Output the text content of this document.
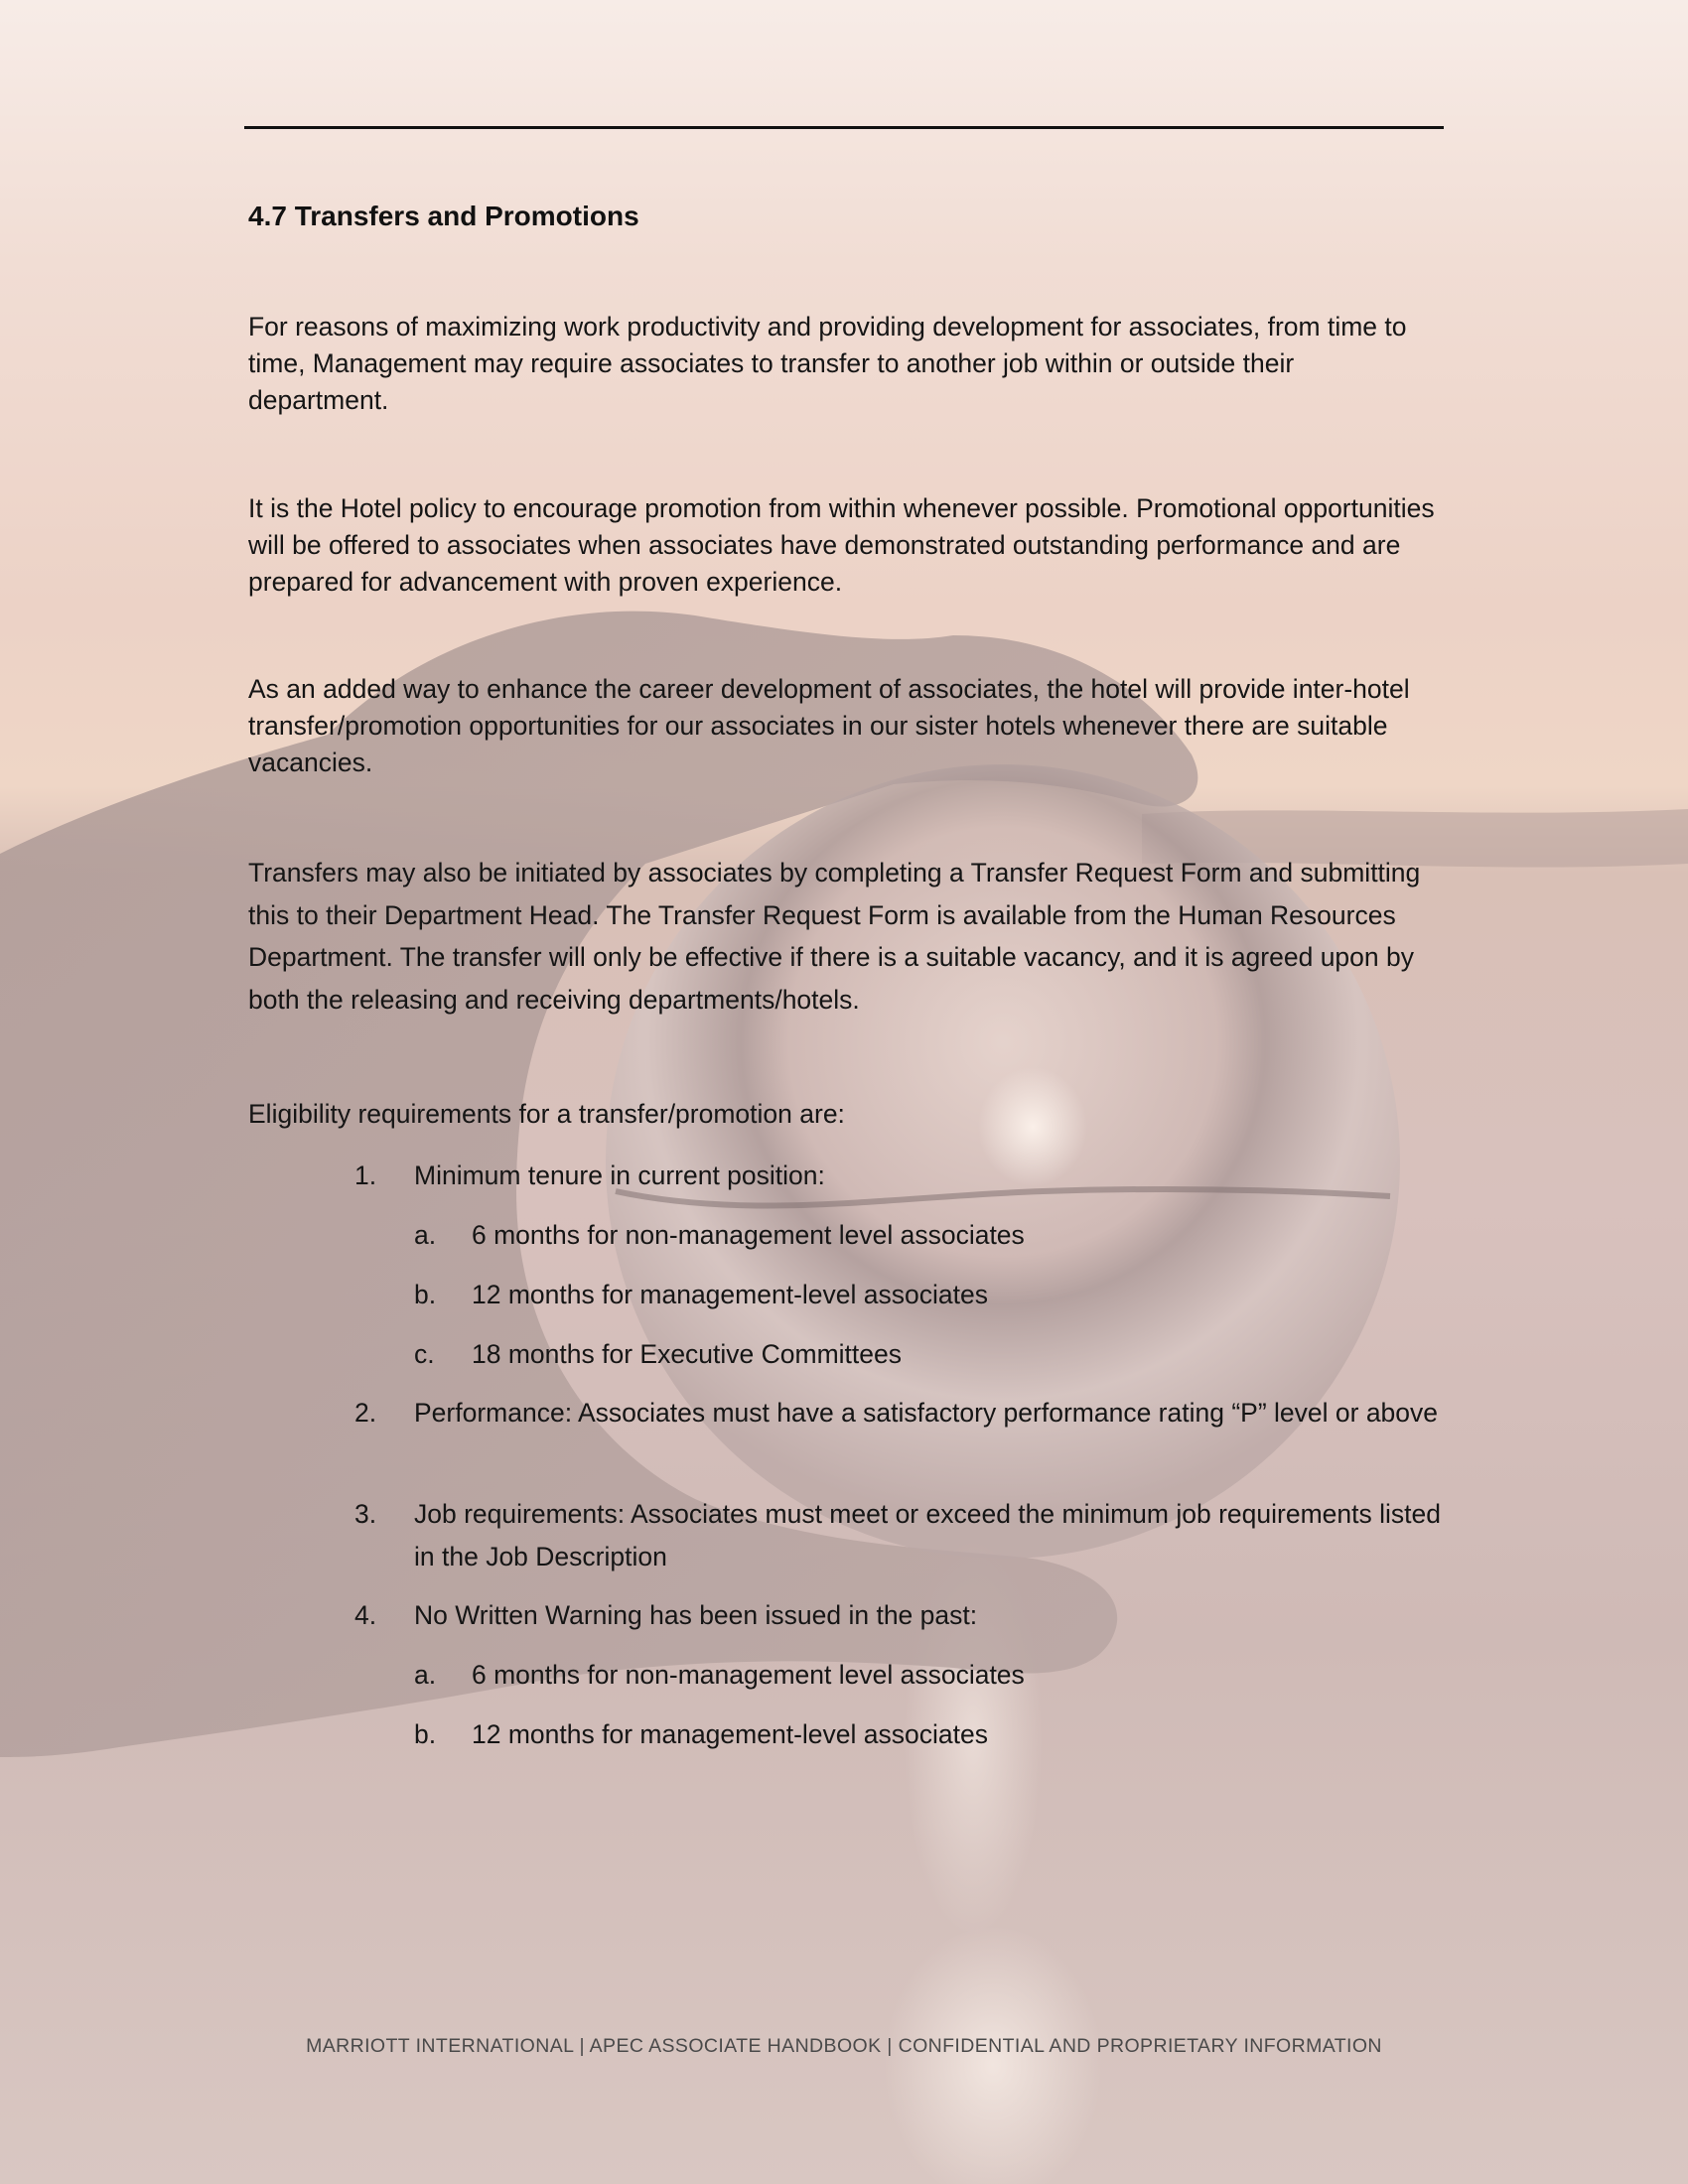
4.7 Transfers and Promotions
For reasons of maximizing work productivity and providing development for associates, from time to time, Management may require associates to transfer to another job within or outside their department.
It is the Hotel policy to encourage promotion from within whenever possible. Promotional opportunities will be offered to associates when associates have demonstrated outstanding performance and are prepared for advancement with proven experience.
As an added way to enhance the career development of associates, the hotel will provide inter-hotel transfer/promotion opportunities for our associates in our sister hotels whenever there are suitable vacancies.
Transfers may also be initiated by associates by completing a Transfer Request Form and submitting this to their Department Head. The Transfer Request Form is available from the Human Resources Department. The transfer will only be effective if there is a suitable vacancy, and it is agreed upon by both the releasing and receiving departments/hotels.
Eligibility requirements for a transfer/promotion are:
1. Minimum tenure in current position:
a. 6 months for non-management level associates
b. 12 months for management-level associates
c. 18 months for Executive Committees
2. Performance: Associates must have a satisfactory performance rating “P” level or above
3. Job requirements: Associates must meet or exceed the minimum job requirements listed in the Job Description
4. No Written Warning has been issued in the past:
a. 6 months for non-management level associates
b. 12 months for management-level associates
MARRIOTT INTERNATIONAL | APEC ASSOCIATE HANDBOOK | CONFIDENTIAL AND PROPRIETARY INFORMATION
